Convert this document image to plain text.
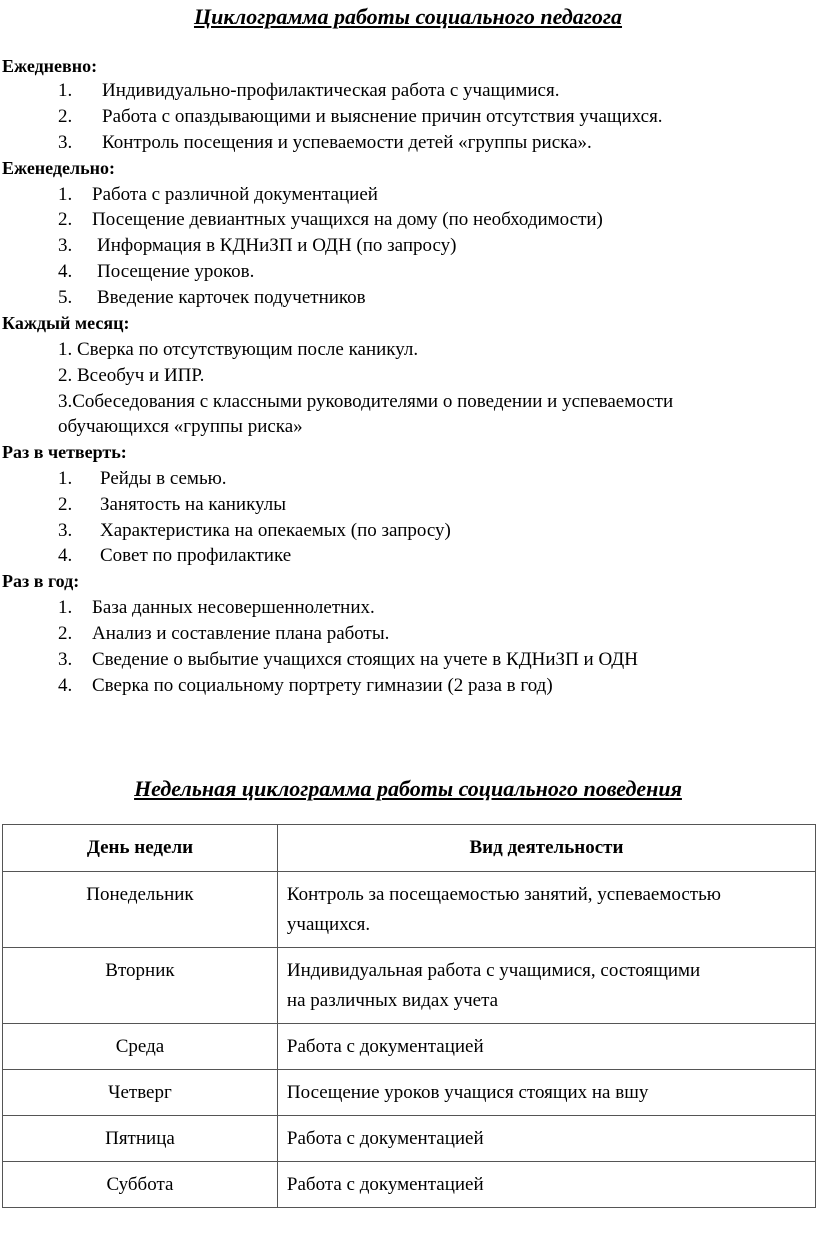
Циклограмма работы социального педагога
Ежедневно:
1. Индивидуально-профилактическая работа с учащимися.
2. Работа с опаздывающими и выяснение причин отсутствия учащихся.
3. Контроль посещения и успеваемости детей «группы риска».
Еженедельно:
1. Работа с различной документацией
2. Посещение девиантных учащихся на дому (по необходимости)
3. Информация в КДНиЗП и ОДН (по запросу)
4. Посещение уроков.
5. Введение карточек подучетников
Каждый месяц:
1. Сверка по отсутствующим после каникул.
2. Всеобуч и ИПР.
3.Собеседования с классными руководителями о поведении и успеваемости
обучающихся «группы риска»
Раз в четверть:
1. Рейды в семью.
2. Занятость на каникулы
3. Характеристика на опекаемых (по запросу)
4. Совет по профилактике
Раз в год:
1. База данных несовершеннолетних.
2. Анализ и составление плана работы.
3. Сведение о выбытие учащихся стоящих на учете в КДНиЗП и ОДН
4. Сверка по социальному портрету гимназии (2 раза в год)
Недельная циклограмма работы социального поведения
День недели	Вид деятельности
Понедельник	Контроль за посещаемостью занятий, успеваемостью
учащихся.

Вторник	Индивидуальная работа с учащимися, состоящими
на различных видах учета

Среда	Работа с документацией

Четверг	Посещение уроков учащися стоящих на вшу

Пятница	Работа с документацией

Суббота	Работа с документацией
